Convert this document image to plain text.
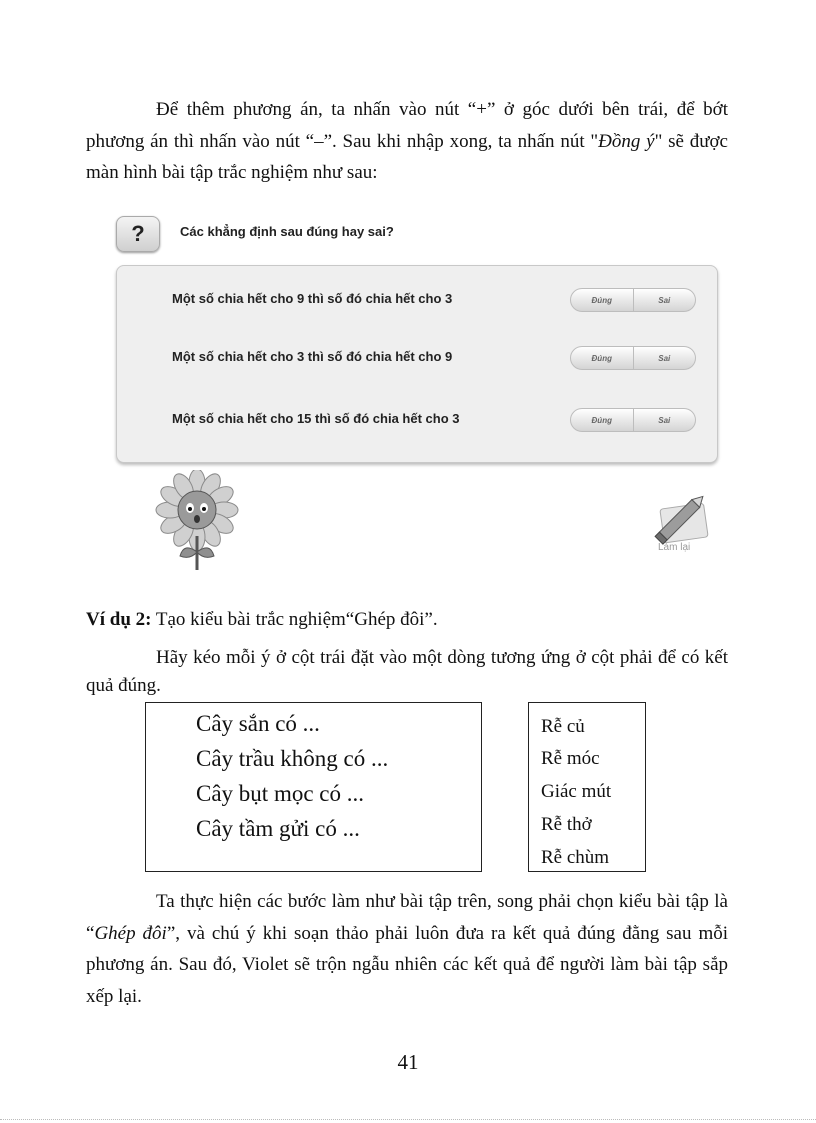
Để thêm phương án, ta nhấn vào nút “+” ở góc dưới bên trái, để bớt phương án thì nhấn vào nút “–”. Sau khi nhập xong, ta nhấn nút "Đồng ý" sẽ được màn hình bài tập trắc nghiệm như sau:

?	Các khẳng định sau đúng hay sai?
Một số chia hết cho 9 thì số đó chia hết cho 3	Đúng	Sai
Một số chia hết cho 3 thì số đó chia hết cho 9	Đúng	Sai
Một số chia hết cho 15 thì số đó chia hết cho 3	Đúng	Sai
Làm lại

Ví dụ 2: Tạo kiểu bài trắc nghiệm“Ghép đôi”.

Hãy kéo mỗi ý ở cột trái đặt vào một dòng tương ứng ở cột phải để có kết quả đúng.

Cây sắn có ...
Cây trầu không có ...
Cây bụt mọc có ...
Cây tầm gửi có ...
Rễ củ
Rễ móc
Giác mút
Rễ thở
Rễ chùm

Ta thực hiện các bước làm như bài tập trên, song phải chọn kiểu bài tập là “Ghép đôi”, và chú ý khi soạn thảo phải luôn đưa ra kết quả đúng đằng sau mỗi phương án. Sau đó, Violet sẽ trộn ngẫu nhiên các kết quả để người làm bài tập sắp xếp lại.

41
